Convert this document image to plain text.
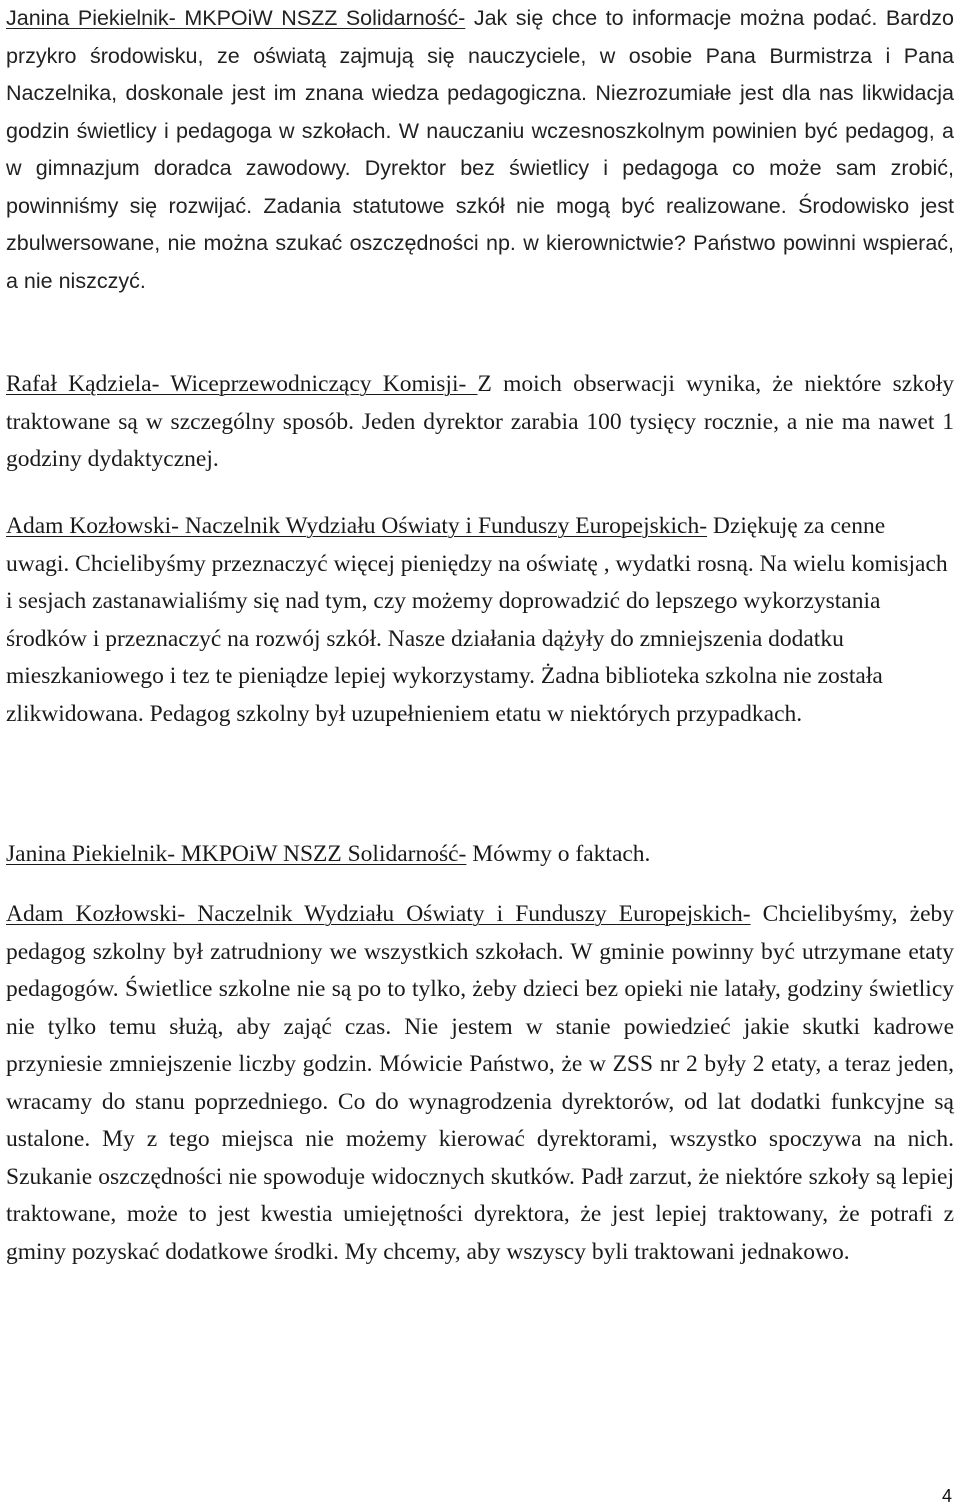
Janina Piekielnik- MKPOiW NSZZ Solidarność- Jak się chce to informacje można podać. Bardzo przykro środowisku, ze oświatą zajmują się nauczyciele, w osobie Pana Burmistrza i Pana Naczelnika, doskonale jest im znana wiedza pedagogiczna. Niezrozumiałe jest dla nas likwidacja godzin świetlicy i pedagoga w szkołach. W nauczaniu wczesnoszkolnym powinien być pedagog, a w gimnazjum doradca zawodowy. Dyrektor bez świetlicy i pedagoga co może sam zrobić, powinniśmy się rozwijać. Zadania statutowe szkół nie mogą być realizowane. Środowisko jest zbulwersowane, nie można szukać oszczędności np. w kierownictwie? Państwo powinni wspierać, a nie niszczyć.

Rafał Kądziela- Wiceprzewodniczący Komisji- Z moich obserwacji wynika, że niektóre szkoły traktowane są w szczególny sposób. Jeden dyrektor zarabia 100 tysięcy rocznie, a nie ma nawet 1 godziny dydaktycznej.

Adam Kozłowski- Naczelnik Wydziału Oświaty i Funduszy Europejskich- Dziękuję za cenne uwagi. Chcielibyśmy przeznaczyć więcej pieniędzy na oświatę , wydatki rosną. Na wielu komisjach i sesjach zastanawialiśmy się nad tym, czy możemy doprowadzić do lepszego wykorzystania środków i przeznaczyć na rozwój szkół. Nasze działania dążyły do zmniejszenia dodatku mieszkaniowego i tez te pieniądze lepiej wykorzystamy. Żadna biblioteka szkolna nie została zlikwidowana. Pedagog szkolny był uzupełnieniem etatu w niektórych przypadkach.

Janina Piekielnik- MKPOiW NSZZ Solidarność- Mówmy o faktach.

Adam Kozłowski- Naczelnik Wydziału Oświaty i Funduszy Europejskich- Chcielibyśmy, żeby pedagog szkolny był zatrudniony we wszystkich szkołach. W gminie powinny być utrzymane etaty pedagogów. Świetlice szkolne nie są po to tylko, żeby dzieci bez opieki nie latały, godziny świetlicy nie tylko temu służą, aby zająć czas. Nie jestem w stanie powiedzieć jakie skutki kadrowe przyniesie zmniejszenie liczby godzin. Mówicie Państwo, że w ZSS nr 2 były 2 etaty, a teraz jeden, wracamy do stanu poprzedniego. Co do wynagrodzenia dyrektorów, od lat dodatki funkcyjne są ustalone. My z tego miejsca nie możemy kierować dyrektorami, wszystko spoczywa na nich. Szukanie oszczędności nie spowoduje widocznych skutków. Padł zarzut, że niektóre szkoły są lepiej traktowane, może to jest kwestia umiejętności dyrektora, że jest lepiej traktowany, że potrafi z gminy pozyskać dodatkowe środki. My chcemy, aby wszyscy byli traktowani jednakowo.

4
